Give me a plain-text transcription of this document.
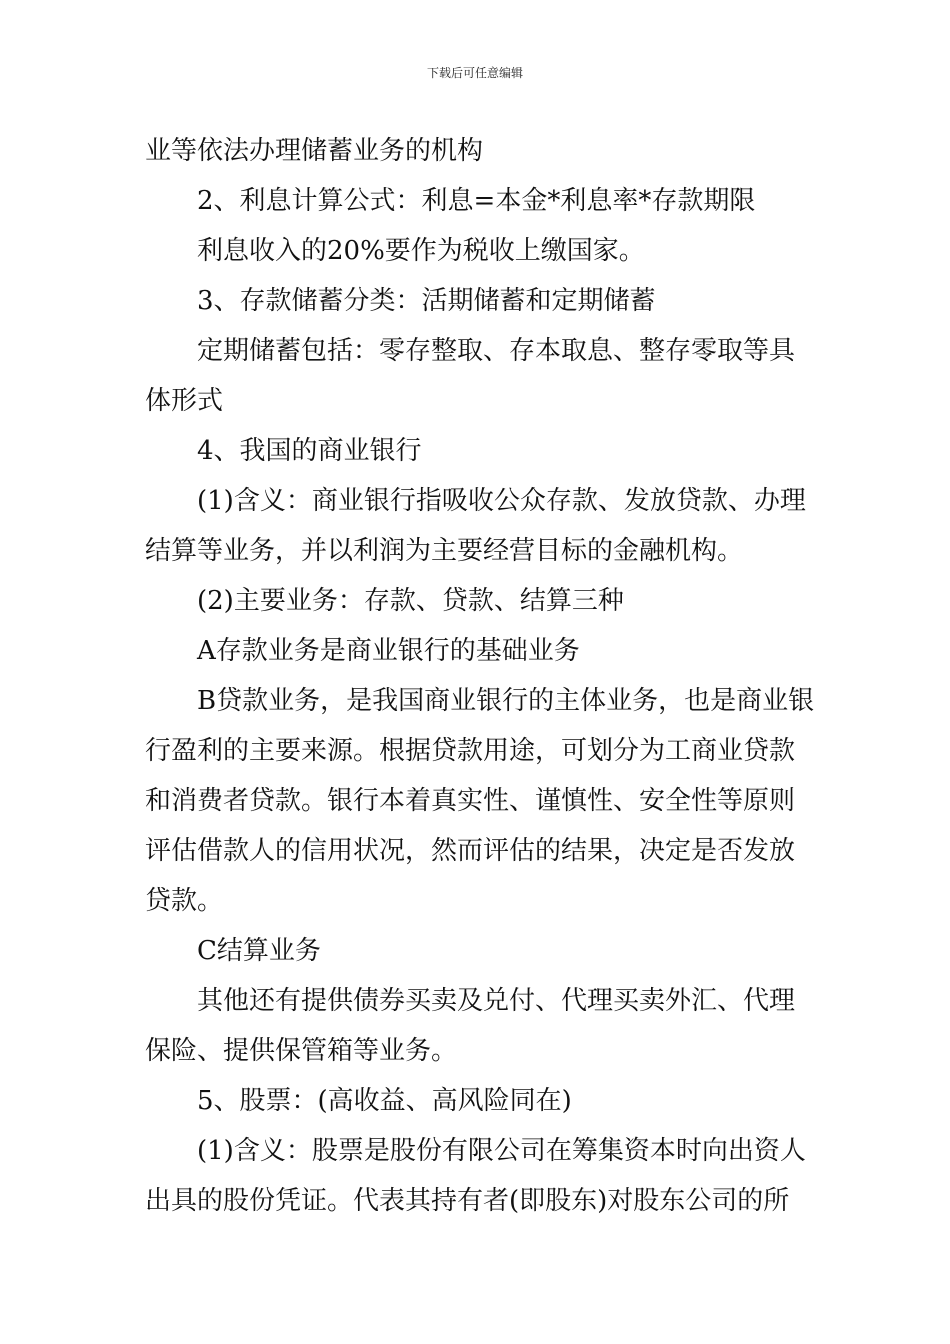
下载后可任意编辑

业等依法办理储蓄业务的机构

2、利息计算公式：利息=本金*利息率*存款期限

利息收入的20%要作为税收上缴国家。

3、存款储蓄分类：活期储蓄和定期储蓄

定期储蓄包括：零存整取、存本取息、整存零取等具

体形式

4、我国的商业银行

(1)含义：商业银行指吸收公众存款、发放贷款、办理

结算等业务，并以利润为主要经营目标的金融机构。

(2)主要业务：存款、贷款、结算三种

A存款业务是商业银行的基础业务

B贷款业务，是我国商业银行的主体业务，也是商业银

行盈利的主要来源。根据贷款用途，可划分为工商业贷款

和消费者贷款。银行本着真实性、谨慎性、安全性等原则

评估借款人的信用状况，然而评估的结果，决定是否发放

贷款。

C结算业务

其他还有提供债券买卖及兑付、代理买卖外汇、代理

保险、提供保管箱等业务。

5、股票：(高收益、高风险同在)

(1)含义：股票是股份有限公司在筹集资本时向出资人

出具的股份凭证。代表其持有者(即股东)对股东公司的所
